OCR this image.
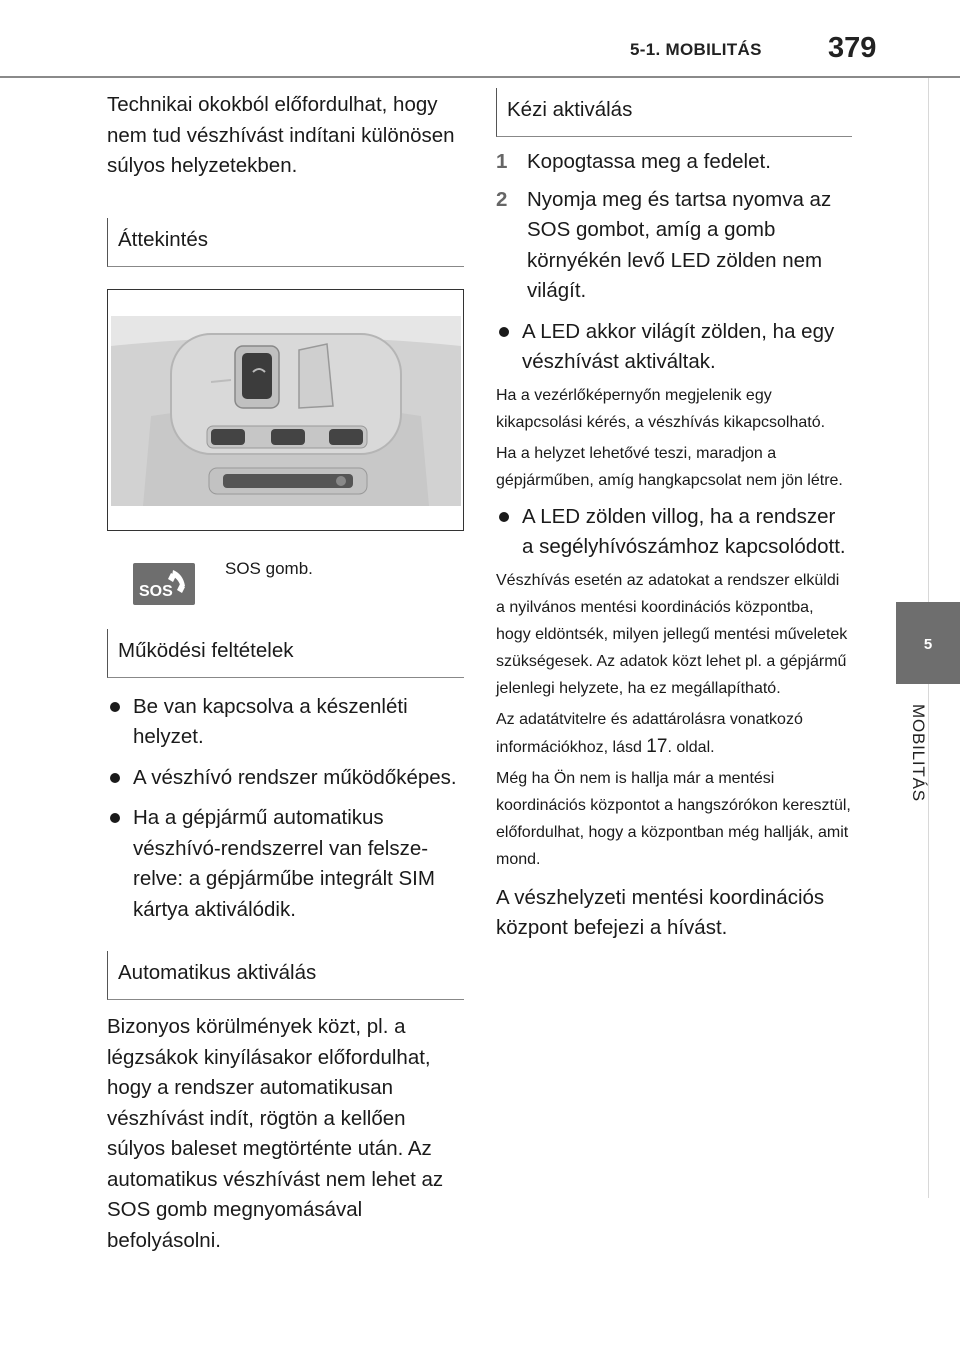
5-1. MOBILITÁS 379
5
MOBILITÁS

Technikai okokból előfordulhat, hogy nem tud vészhívást indítani különösen súlyos helyzetekben.

Áttekintés
SOS
SOS gomb.
Működési feltételek
Be van kapcsolva a készenléti helyzet.
A vészhívó rendszer működőképes.
Ha a gépjármű automatikus vészhívó-rendszerrel van felszerelve: a gépjárműbe integrált SIM kártya aktiválódik.
Automatikus aktiválás

Bizonyos körülmények közt, pl. a légzsákok kinyílásakor előfordulhat, hogy a rendszer automatikusan vészhívást indít, rögtön a kellően súlyos baleset megtörténte után. Az automatikus vészhívást nem lehet az SOS gomb megnyomásával befolyásolni.

Kézi aktiválás
1 Kopogtassa meg a fedelet.
2 Nyomja meg és tartsa nyomva az SOS gombot, amíg a gomb környékén levő LED zölden nem világít.
A LED akkor világít zölden, ha egy vészhívást aktiváltak.

Ha a vezérlőképernyőn megjelenik egy kikapcsolási kérés, a vészhívás kikapcsolható.

Ha a helyzet lehetővé teszi, maradjon a gépjárműben, amíg hangkapcsolat nem jön létre.

A LED zölden villog, ha a rendszer a segélyhívószámhoz kapcsolódott.

Vészhívás esetén az adatokat a rendszer elküldi a nyilvános mentési koordinációs központba, hogy eldöntsék, milyen jellegű mentési műveletek szükségesek. Az adatok közt lehet pl. a gépjármű jelenlegi helyzete, ha ez megállapítható.

Az adatátvitelre és adattárolásra vonatkozó információkhoz, lásd 17. oldal.

Még ha Ön nem is hallja már a mentési koordinációs központot a hangszórókon keresztül, előfordulhat, hogy a központban még hallják, amit mond.

A vészhelyzeti mentési koordinációs központ befejezi a hívást.
